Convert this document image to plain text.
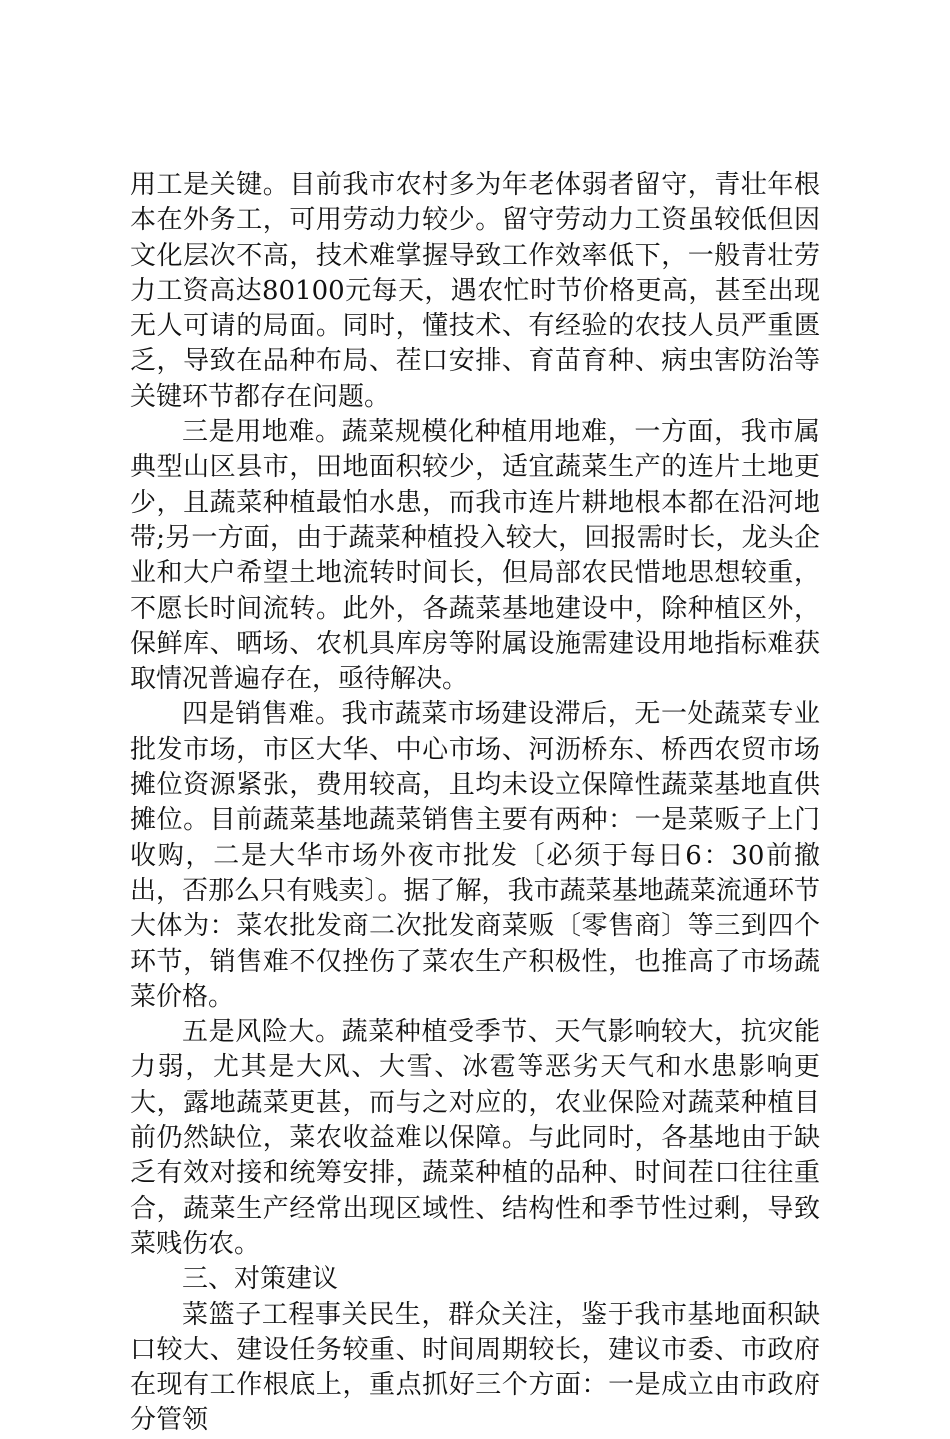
用工是关键。目前我市农村多为年老体弱者留守，青壮年根本在外务工，可用劳动力较少。留守劳动力工资虽较低但因文化层次不高，技术难掌握导致工作效率低下，一般青壮劳力工资高达80100元每天，遇农忙时节价格更高，甚至出现无人可请的局面。同时，懂技术、有经验的农技人员严重匮乏，导致在品种布局、茬口安排、育苗育种、病虫害防治等关键环节都存在问题。

三是用地难。蔬菜规模化种植用地难，一方面，我市属典型山区县市，田地面积较少，适宜蔬菜生产的连片土地更少，且蔬菜种植最怕水患，而我市连片耕地根本都在沿河地带;另一方面，由于蔬菜种植投入较大，回报需时长，龙头企业和大户希望土地流转时间长，但局部农民惜地思想较重，不愿长时间流转。此外，各蔬菜基地建设中，除种植区外，保鲜库、晒场、农机具库房等附属设施需建设用地指标难获取情况普遍存在，亟待解决。

四是销售难。我市蔬菜市场建设滞后，无一处蔬菜专业批发市场，市区大华、中心市场、河沥桥东、桥西农贸市场摊位资源紧张，费用较高，且均未设立保障性蔬菜基地直供摊位。目前蔬菜基地蔬菜销售主要有两种：一是菜贩子上门收购，二是大华市场外夜市批发〔必须于每日6：30前撤出，否那么只有贱卖〕。据了解，我市蔬菜基地蔬菜流通环节大体为：菜农批发商二次批发商菜贩〔零售商〕等三到四个环节，销售难不仅挫伤了菜农生产积极性，也推高了市场蔬菜价格。

五是风险大。蔬菜种植受季节、天气影响较大，抗灾能力弱，尤其是大风、大雪、冰雹等恶劣天气和水患影响更大，露地蔬菜更甚，而与之对应的，农业保险对蔬菜种植目前仍然缺位，菜农收益难以保障。与此同时，各基地由于缺乏有效对接和统筹安排，蔬菜种植的品种、时间茬口往往重合，蔬菜生产经常出现区域性、结构性和季节性过剩，导致菜贱伤农。

三、对策建议

菜篮子工程事关民生，群众关注，鉴于我市基地面积缺口较大、建设任务较重、时间周期较长，建议市委、市政府在现有工作根底上，重点抓好三个方面：一是成立由市政府分管领
